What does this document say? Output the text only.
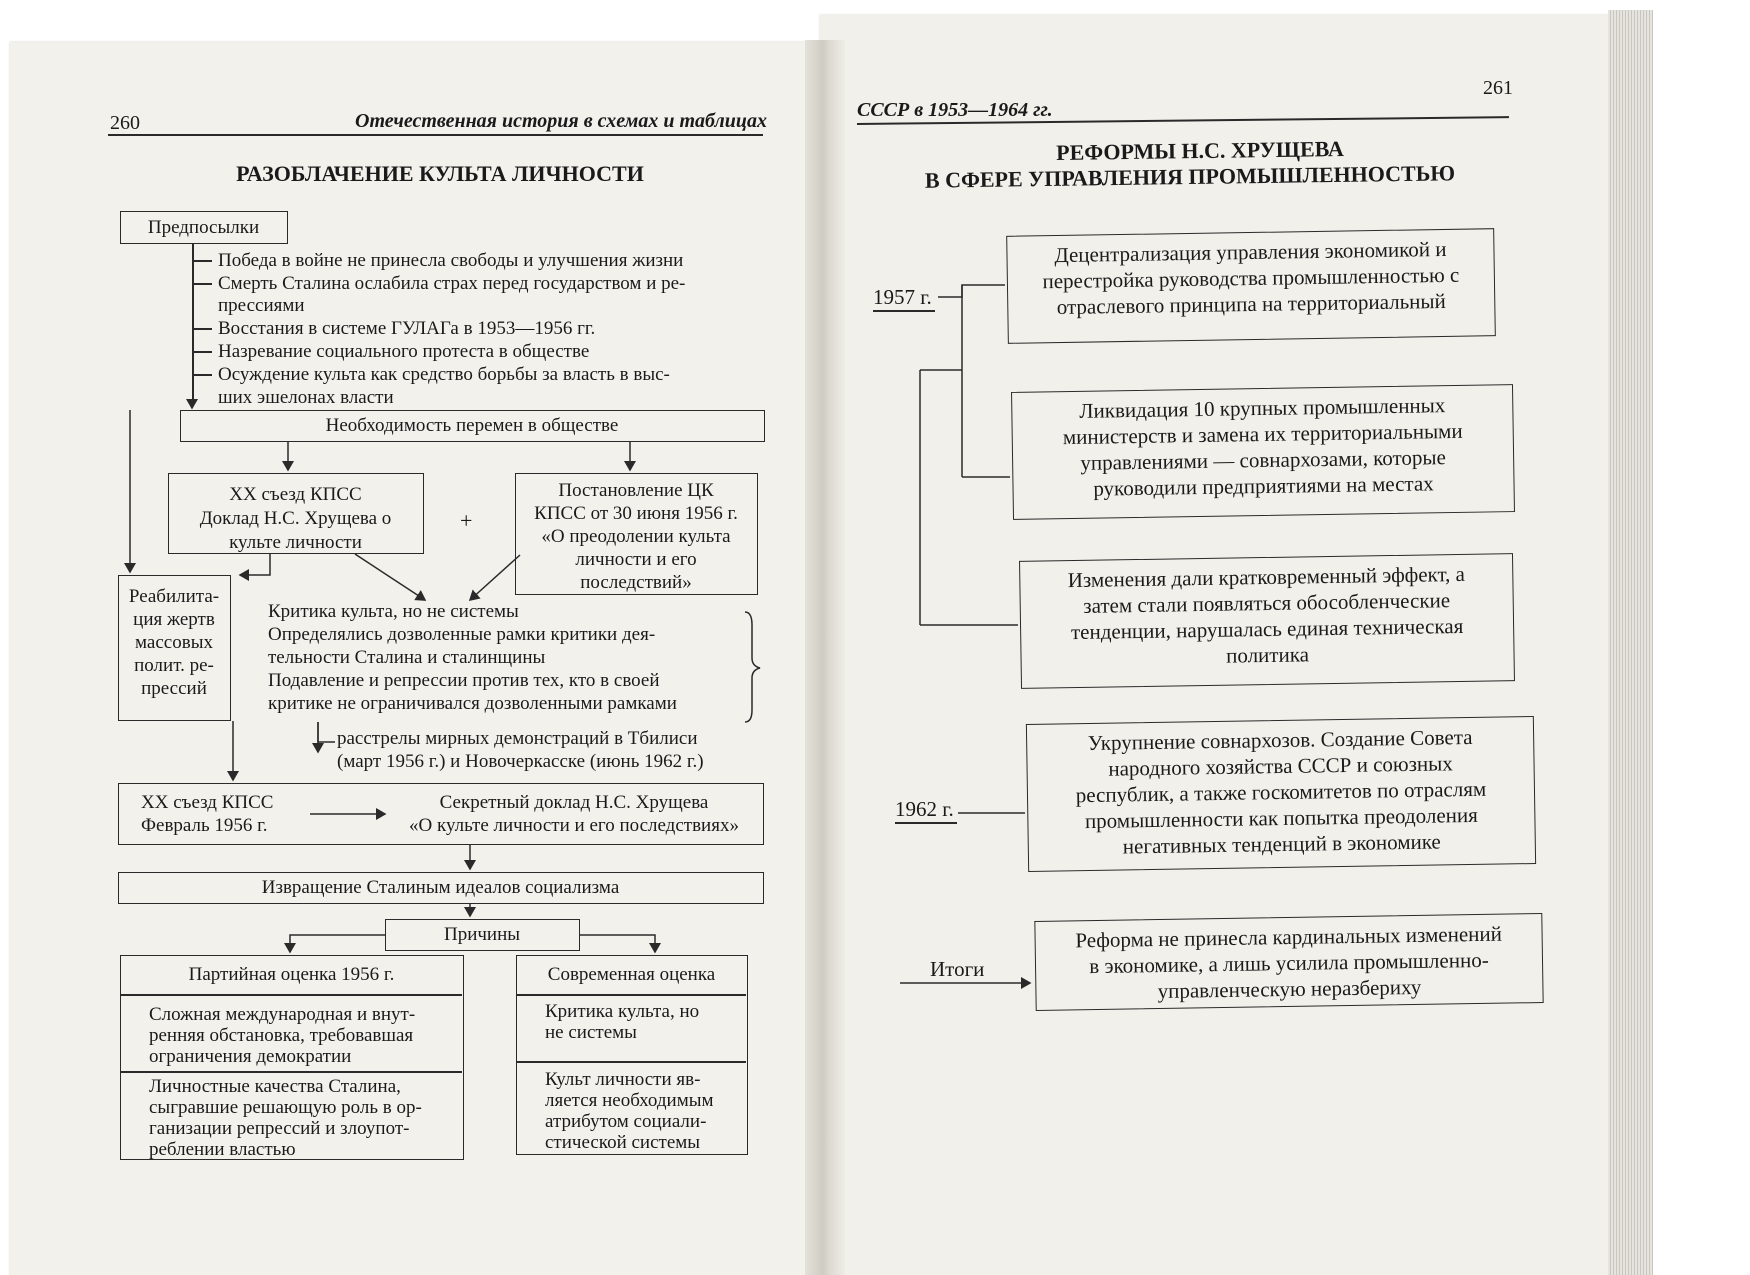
260	Отечественная история в схемах и таблицах
РАЗОБЛАЧЕНИЕ КУЛЬТА ЛИЧНОСТИ
Предпосылки
Победа в войне не принесла свободы и улучшения жизни
Смерть Сталина ослабила страх перед государством и ре-
прессиями
Восстания в системе ГУЛАГа в 1953—1956 гг.
Назревание социального протеста в обществе
Осуждение культа как средство борьбы за власть в выс-
ших эшелонах власти
Необходимость перемен в обществе
XX съезд КПСС
Доклад Н.С. Хрущева о
культе личности
+
Постановление ЦК
КПСС от 30 июня 1956 г.
«О преодолении культа
личности и его
последствий»
Реабилита-
ция жертв
массовых
полит. ре-
прессий
Критика культа, но не системы
Определялись дозволенные рамки критики дея-
тельности Сталина и сталинщины
Подавление и репрессии против тех, кто в своей
критике не ограничивался дозволенными рамками
расстрелы мирных демонстраций в Тбилиси
(март 1956 г.) и Новочеркасске (июнь 1962 г.)
XX съезд КПСС
Февраль 1956 г.
Секретный доклад Н.С. Хрущева
«О культе личности и его последствиях»
Извращение Сталиным идеалов социализма
Причины
Партийная оценка 1956 г.
Сложная международная и внут-
ренняя обстановка, требовавшая
ограничения демократии
Личностные качества Сталина,
сыгравшие решающую роль в ор-
ганизации репрессий и злоупот-
реблении властью
Современная оценка
Критика культа, но
не системы
Культ личности яв-
ляется необходимым
атрибутом социали-
стической системы
СССР в 1953—1964 гг.
261
РЕФОРМЫ Н.С. ХРУЩЕВА
В СФЕРЕ УПРАВЛЕНИЯ ПРОМЫШЛЕННОСТЬЮ
1957 г.
1962 г.
Итоги
Децентрализация управления экономикой и
перестройка руководства промышленностью с
отраслевого принципа на территориальный
Ликвидация 10 крупных промышленных
министерств и замена их территориальными
управлениями — совнархозами, которые
руководили предприятиями на местах
Изменения дали кратковременный эффект, а
затем стали появляться обособленческие
тенденции, нарушалась единая техническая
политика
Укрупнение совнархозов. Создание Совета
народного хозяйства СССР и союзных
республик, а также госкомитетов по отраслям
промышленности как попытка преодоления
негативных тенденций в экономике
Реформа не принесла кардинальных изменений
в экономике, а лишь усилила промышленно-
управленческую неразбериху
